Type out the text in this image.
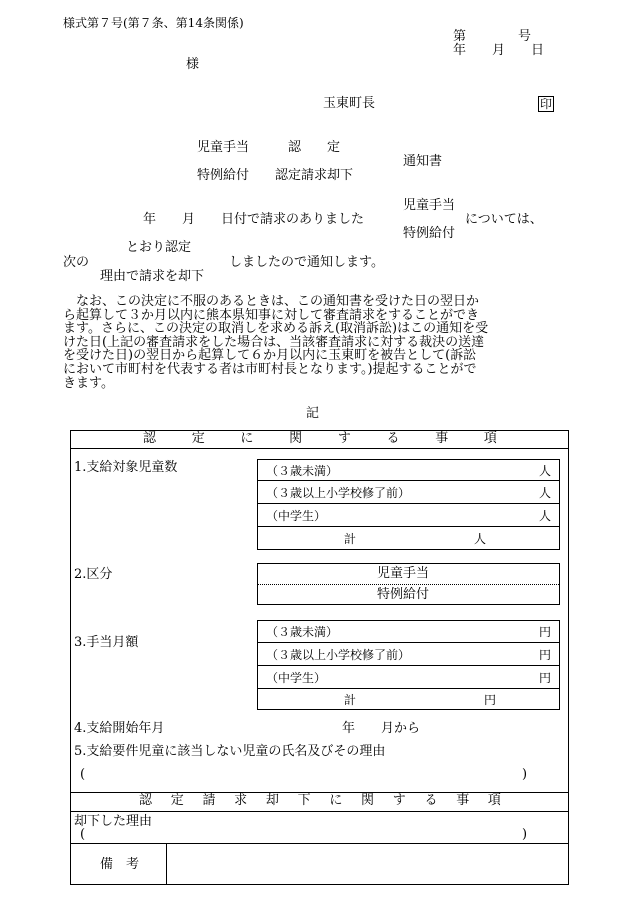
様式第７号(第７条、第14条関係)
第　　　　号
年　　月　　日
様
玉東町長	印
児童手当　　　認　　定
通知書
特例給付　　認定請求却下
児童手当
年　　月　　日付で請求のありました	については、
特例給付
とおり認定
次の	しましたので通知します。
理由で請求を却下
　なお、この決定に不服のあるときは、この通知書を受けた日の翌日か
ら起算して３か月以内に熊本県知事に対して審査請求をすることができ
ます。さらに、この決定の取消しを求める訴え(取消訴訟)はこの通知を受
けた日(上記の審査請求をした場合は、当該審査請求に対する裁決の送達
を受けた日)の翌日から起算して６か月以内に玉東町を被告として(訴訟
において市町村を代表する者は市町村長となります。)提起することがで
きます。
記
認	定	に	関	す	る	事	項
1.支給対象児童数	（３歳未満）	人
（３歳以上小学校修了前）	人
（中学生）	人
計	人
2.区分	児童手当
特例給付
3.手当月額
（３歳未満）	円
（３歳以上小学校修了前）	円
（中学生）	円
計	円
4.支給開始年月	年　　月から
5.支給要件児童に該当しない児童の氏名及びその理由
(	)
認 定 請 求 却 下 に 関 す る 事 項
却下した理由
(	)
備　考
